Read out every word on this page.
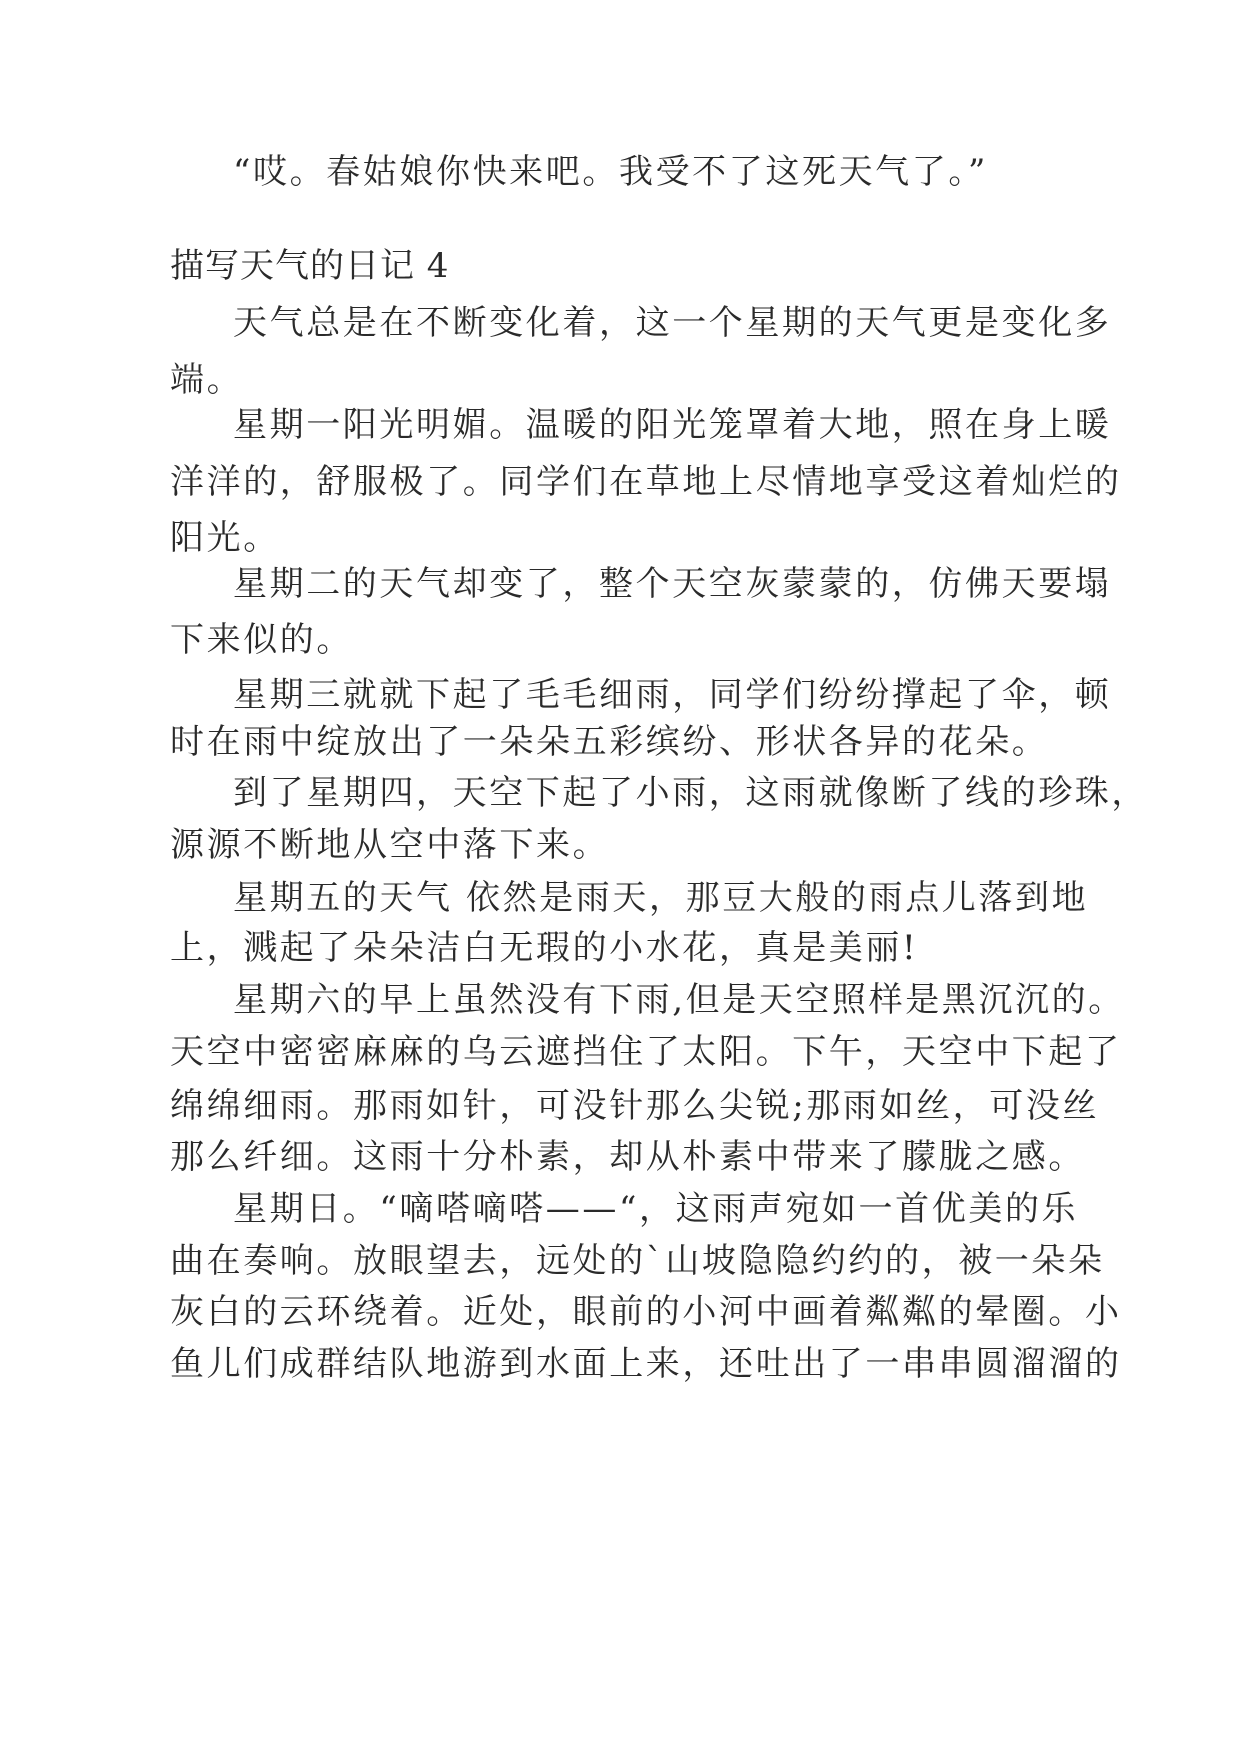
“哎。春姑娘你快来吧。我受不了这死天气了。”
描写天气的日记 4
天气总是在不断变化着，这一个星期的天气更是变化多
端。
星期一阳光明媚。温暖的阳光笼罩着大地，照在身上暖
洋洋的，舒服极了。同学们在草地上尽情地享受这着灿烂的
阳光。
星期二的天气却变了，整个天空灰蒙蒙的，仿佛天要塌
下来似的。
星期三就就下起了毛毛细雨，同学们纷纷撑起了伞，顿
时在雨中绽放出了一朵朵五彩缤纷、形状各异的花朵。
到了星期四，天空下起了小雨，这雨就像断了线的珍珠，
源源不断地从空中落下来。
星期五的天气 依然是雨天，那豆大般的雨点儿落到地
上，溅起了朵朵洁白无瑕的小水花，真是美丽!
星期六的早上虽然没有下雨,但是天空照样是黑沉沉的。
天空中密密麻麻的乌云遮挡住了太阳。下午，天空中下起了
绵绵细雨。那雨如针，可没针那么尖锐;那雨如丝，可没丝
那么纤细。这雨十分朴素，却从朴素中带来了朦胧之感。
星期日。“嘀嗒嘀嗒——“，这雨声宛如一首优美的乐
曲在奏响。放眼望去，远处的`山坡隐隐约约的，被一朵朵
灰白的云环绕着。近处，眼前的小河中画着粼粼的晕圈。小
鱼儿们成群结队地游到水面上来，还吐出了一串串圆溜溜的
